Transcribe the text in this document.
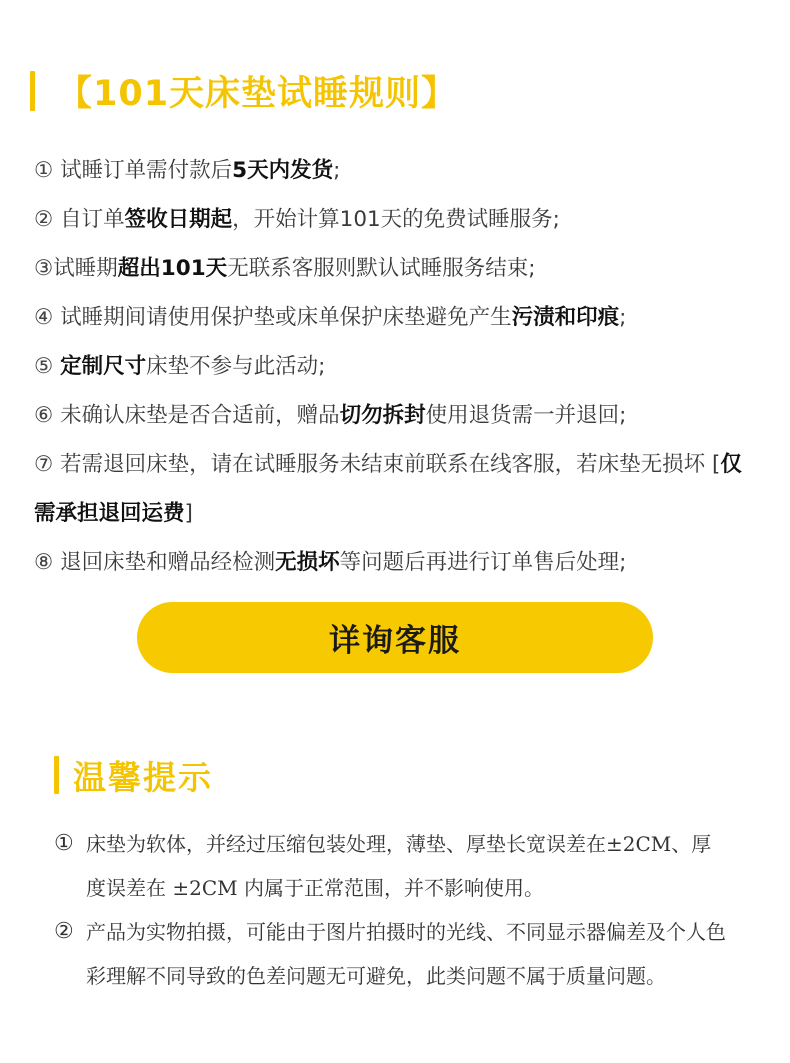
【101天床垫试睡规则】
① 试睡订单需付款后5天内发货;
② 自订单签收日期起，开始计算101天的免费试睡服务;
③试睡期超出101天无联系客服则默认试睡服务结束;
④ 试睡期间请使用保护垫或床单保护床垫避免产生污渍和印痕;
⑤ 定制尺寸床垫不参与此活动;
⑥ 未确认床垫是否合适前，赠品切勿拆封使用退货需一并退回;
⑦ 若需退回床垫，请在试睡服务未结束前联系在线客服，若床垫无损坏 [仅需承担退回运费]
⑧ 退回床垫和赠品经检测无损坏等问题后再进行订单售后处理;
详询客服
温馨提示
① 床垫为软体，并经过压缩包装处理，薄垫、厚垫长宽误差在±2CM、厚度误差在 ±2CM 内属于正常范围，并不影响使用。
② 产品为实物拍摄，可能由于图片拍摄时的光线、不同显示器偏差及个人色彩理解不同导致的色差问题无可避免，此类问题不属于质量问题。
